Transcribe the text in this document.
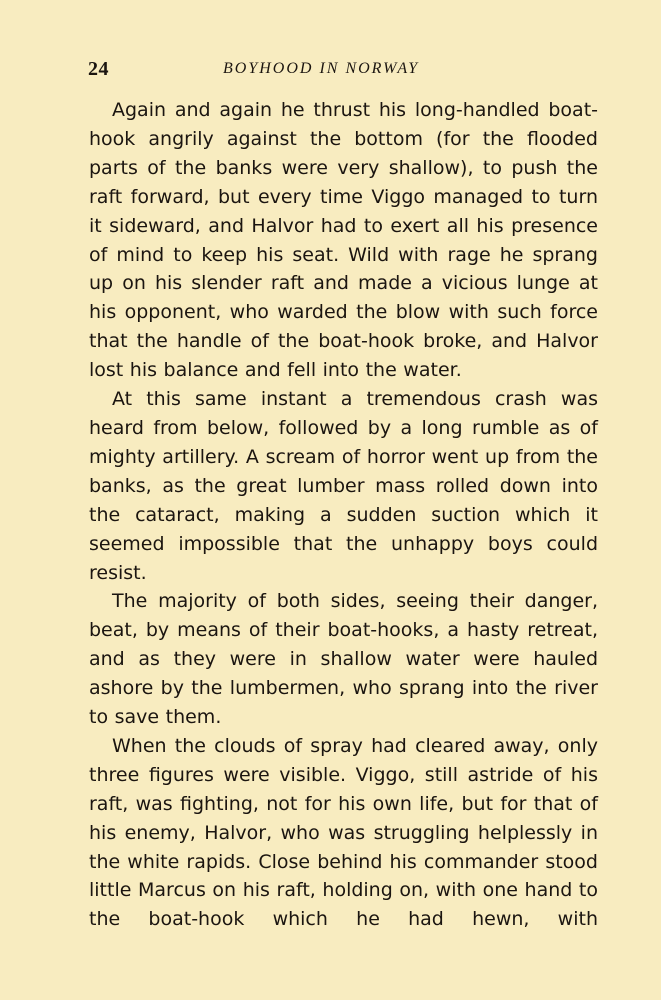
24	BOYHOOD IN NORWAY

Again and again he thrust his long-handled boat-hook angrily against the bottom (for the flooded parts of the banks were very shallow), to push the raft forward, but every time Viggo managed to turn it sideward, and Halvor had to exert all his presence of mind to keep his seat. Wild with rage he sprang up on his slender raft and made a vicious lunge at his opponent, who warded the blow with such force that the handle of the boat-hook broke, and Halvor lost his balance and fell into the water.

At this same instant a tremendous crash was heard from below, followed by a long rumble as of mighty artillery. A scream of horror went up from the banks, as the great lumber mass rolled down into the cataract, making a sudden suction which it seemed impossible that the unhappy boys could resist.

The majority of both sides, seeing their danger, beat, by means of their boat-hooks, a hasty retreat, and as they were in shallow water were hauled ashore by the lumbermen, who sprang into the river to save them.

When the clouds of spray had cleared away, only three figures were visible. Viggo, still astride of his raft, was fighting, not for his own life, but for that of his enemy, Halvor, who was struggling helplessly in the white rapids. Close behind his commander stood little Marcus on his raft, holding on, with one hand to the boat-hook which he had hewn, with
